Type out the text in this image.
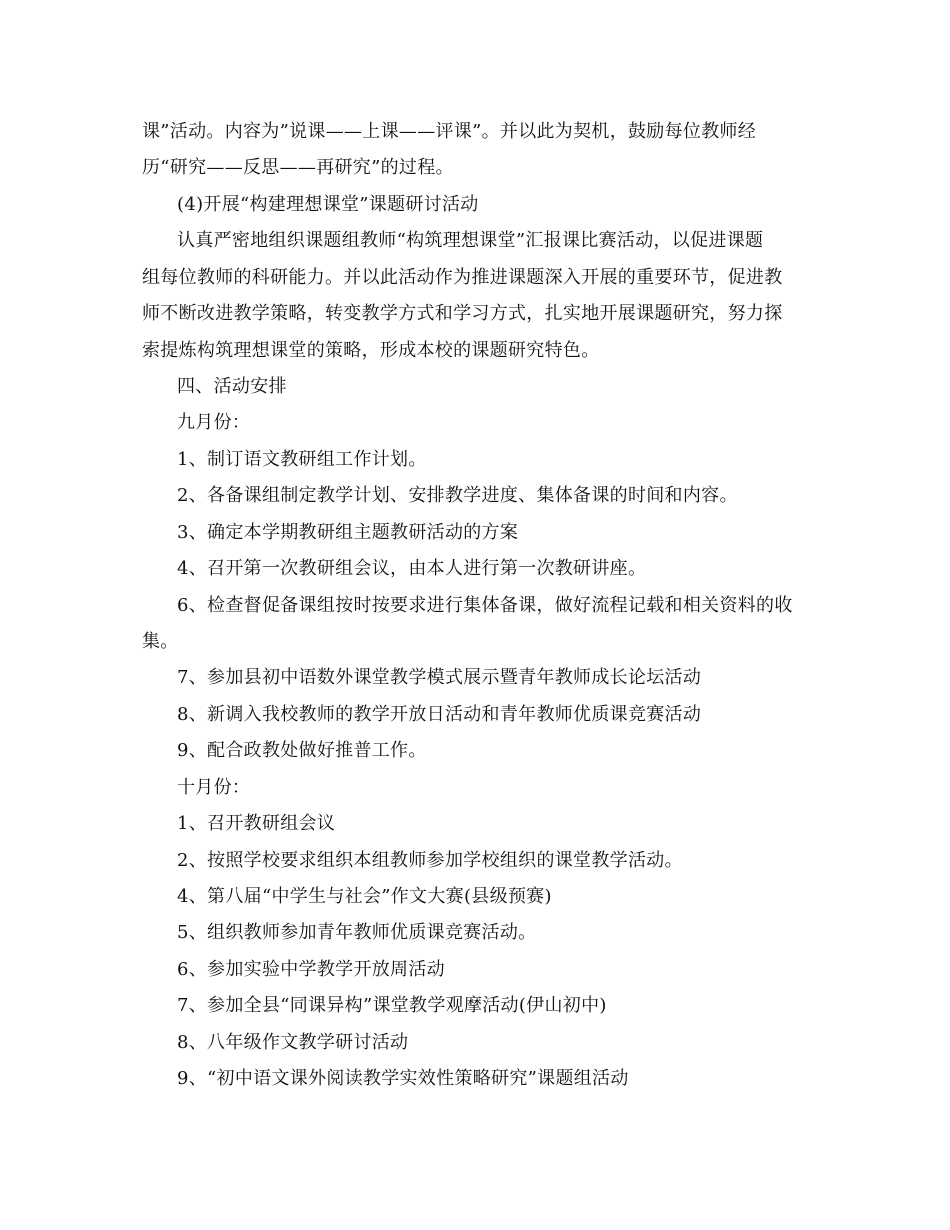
课”活动。内容为”说课——上课——评课”。并以此为契机，鼓励每位教师经
历“研究——反思——再研究”的过程。
(4)开展“构建理想课堂”课题研讨活动
认真严密地组织课题组教师“构筑理想课堂”汇报课比赛活动，以促进课题
组每位教师的科研能力。并以此活动作为推进课题深入开展的重要环节，促进教
师不断改进教学策略，转变教学方式和学习方式，扎实地开展课题研究，努力探
索提炼构筑理想课堂的策略，形成本校的课题研究特色。
四、活动安排
九月份：
1、制订语文教研组工作计划。
2、各备课组制定教学计划、安排教学进度、集体备课的时间和内容。
3、确定本学期教研组主题教研活动的方案
4、召开第一次教研组会议，由本人进行第一次教研讲座。
6、检查督促备课组按时按要求进行集体备课，做好流程记载和相关资料的收
集。
7、参加县初中语数外课堂教学模式展示暨青年教师成长论坛活动
8、新调入我校教师的教学开放日活动和青年教师优质课竞赛活动
9、配合政教处做好推普工作。
十月份：
1、召开教研组会议
2、按照学校要求组织本组教师参加学校组织的课堂教学活动。
4、第八届“中学生与社会”作文大赛(县级预赛)
5、组织教师参加青年教师优质课竞赛活动。
6、参加实验中学教学开放周活动
7、参加全县“同课异构”课堂教学观摩活动(伊山初中)
8、八年级作文教学研讨活动
9、“初中语文课外阅读教学实效性策略研究”课题组活动
